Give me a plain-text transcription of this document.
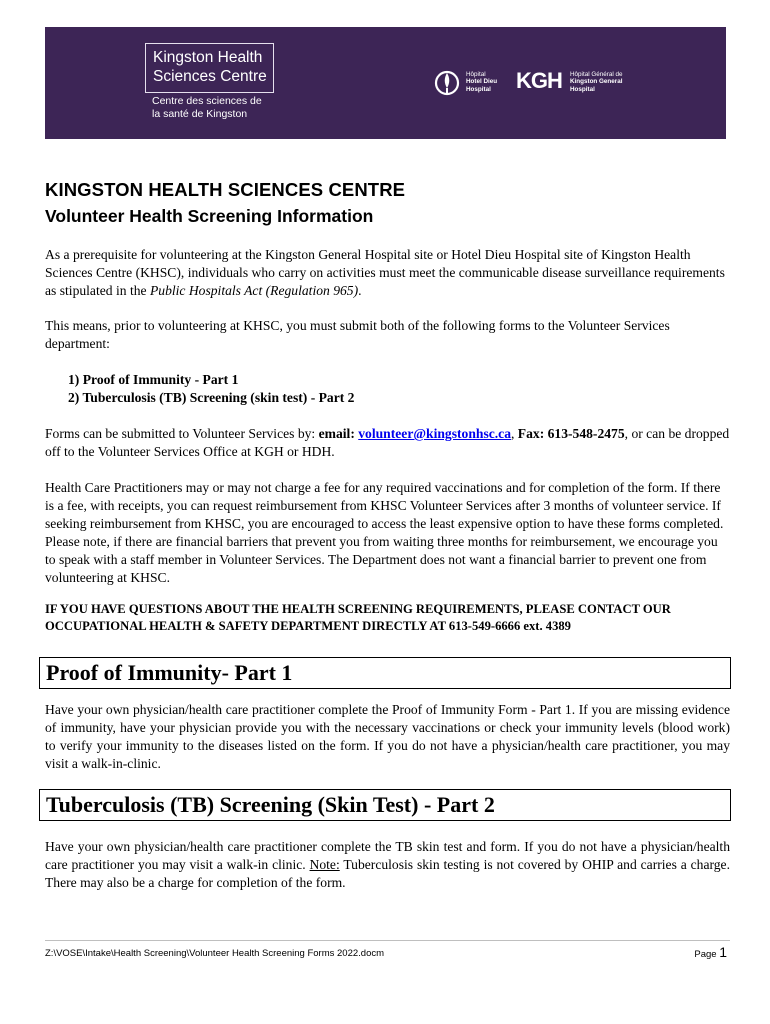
Kingston Health
Sciences Centre
Centre des sciences de
la santé de Kingston
Hôpital
Hotel Dieu
Hospital KGH Hôpital Général de
Kingston General
Hospital
KINGSTON HEALTH SCIENCES CENTRE
Volunteer Health Screening Information

As a prerequisite for volunteering at the Kingston General Hospital site or Hotel Dieu Hospital site of Kingston Health Sciences Centre (KHSC), individuals who carry on activities must meet the communicable disease surveillance requirements as stipulated in the Public Hospitals Act (Regulation 965).

This means, prior to volunteering at KHSC, you must submit both of the following forms to the Volunteer Services department:

1) Proof of Immunity - Part 1
2) Tuberculosis (TB) Screening (skin test) - Part 2

Forms can be submitted to Volunteer Services by: email: volunteer@kingstonhsc.ca, Fax: 613-548-2475, or can be dropped off to the Volunteer Services Office at KGH or HDH.

Health Care Practitioners may or may not charge a fee for any required vaccinations and for completion of the form. If there is a fee, with receipts, you can request reimbursement from KHSC Volunteer Services after 3 months of volunteer service. If seeking reimbursement from KHSC, you are encouraged to access the least expensive option to have these forms completed. Please note, if there are financial barriers that prevent you from waiting three months for reimbursement, we encourage you to speak with a staff member in Volunteer Services. The Department does not want a financial barrier to prevent one from volunteering at KHSC.

IF YOU HAVE QUESTIONS ABOUT THE HEALTH SCREENING REQUIREMENTS, PLEASE CONTACT OUR OCCUPATIONAL HEALTH & SAFETY DEPARTMENT DIRECTLY AT 613-549-6666 ext. 4389
Proof of Immunity- Part 1

Have your own physician/health care practitioner complete the Proof of Immunity Form - Part 1. If you are missing evidence of immunity, have your physician provide you with the necessary vaccinations or check your immunity levels (blood work) to verify your immunity to the diseases listed on the form. If you do not have a physician/health care practitioner, you may visit a walk-in-clinic.

Tuberculosis (TB) Screening (Skin Test) - Part 2

Have your own physician/health care practitioner complete the TB skin test and form. If you do not have a physician/health care practitioner you may visit a walk-in clinic. Note: Tuberculosis skin testing is not covered by OHIP and carries a charge. There may also be a charge for completion of the form.

Z:\VOSE\Intake\Health Screening\Volunteer Health Screening Forms 2022.docm	Page 1
